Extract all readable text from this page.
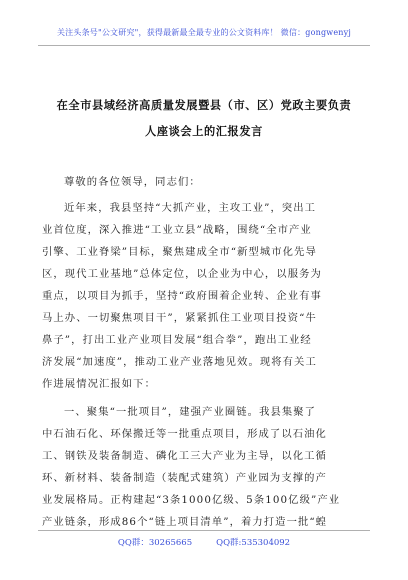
关注头条号"公文研究"，获得最新最全最专业的公文资料库！ 微信：gongwenyj
在全市县域经济高质量发展暨县（市、区）党政主要负责
人座谈会上的汇报发言
尊敬的各位领导，同志们：
近年来，我县坚持“大抓产业，主攻工业”，突出工
业首位度，深入推进“工业立县”战略，围绕“全市产业
引擎、工业脊梁”目标，聚焦建成全市“新型城市化先导
区，现代工业基地”总体定位，以企业为中心，以服务为
重点，以项目为抓手，坚持“政府围着企业转、企业有事
马上办、一切聚焦项目干”，紧紧抓住工业项目投资“牛
鼻子”，打出工业产业项目发展“组合拳”，跑出工业经
济发展“加速度”，推动工业产业落地见效。现将有关工
作进展情况汇报如下：
一、聚集“一批项目”，建强产业圈链。我县集聚了
中石油石化、环保搬迁等一批重点项目，形成了以石油化
工、钢铁及装备制造、磷化工三大产业为主导，以化工循
环、新材料、装备制造（装配式建筑）产业园为支撑的产
业发展格局。正构建起“3条1000亿级、5条100亿级”产业
产业链条，形成86个“链上项目清单”，着力打造一批“蝗
QQ群：30265665	QQ群:535304092
